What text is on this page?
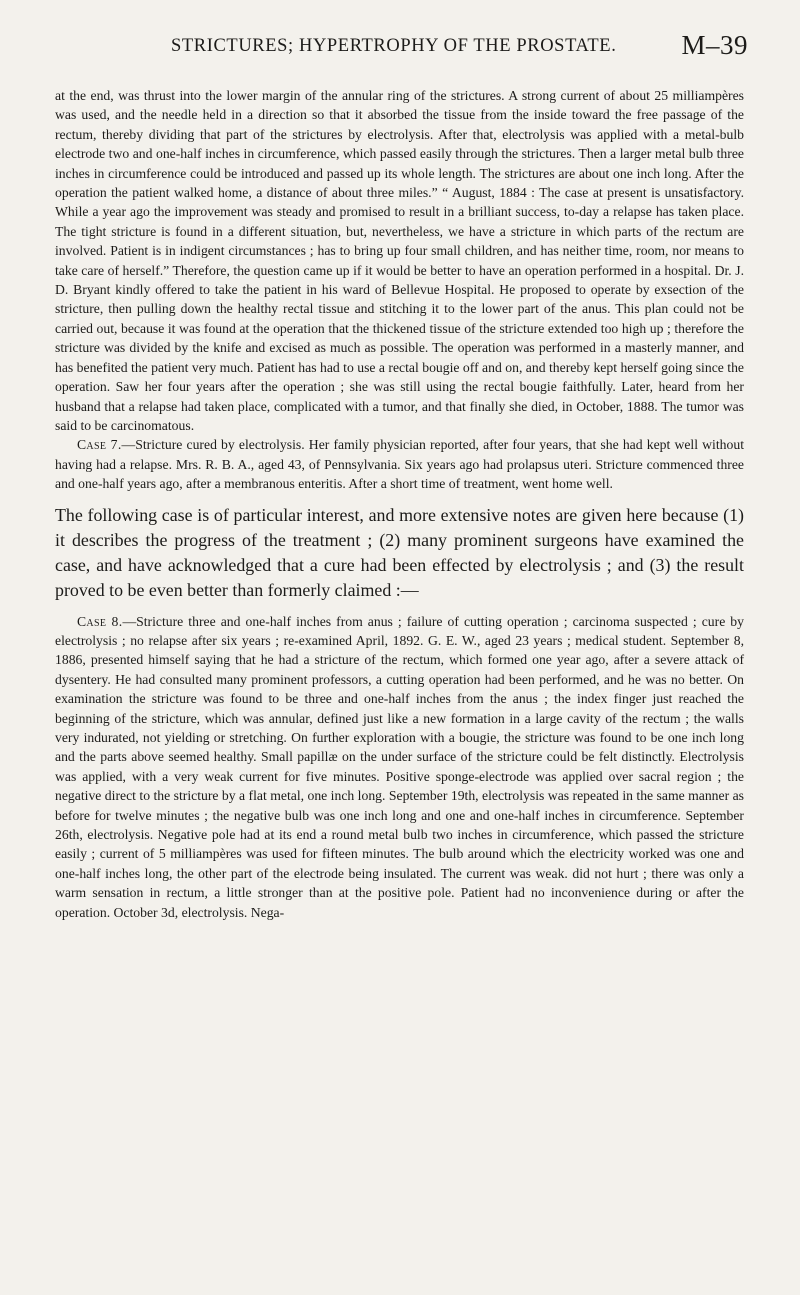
STRICTURES; HYPERTROPHY OF THE PROSTATE. M–39

at the end, was thrust into the lower margin of the annular ring of the strictures. A strong current of about 25 milliampères was used, and the needle held in a direction so that it absorbed the tissue from the inside toward the free passage of the rectum, thereby dividing that part of the strictures by electrolysis. After that, electrolysis was applied with a metal-bulb electrode two and one-half inches in circumference, which passed easily through the strictures. Then a larger metal bulb three inches in circumference could be introduced and passed up its whole length. The strictures are about one inch long. After the operation the patient walked home, a distance of about three miles.” “ August, 1884 : The case at present is unsatisfactory. While a year ago the improvement was steady and promised to result in a brilliant success, to-day a relapse has taken place. The tight stricture is found in a different situation, but, nevertheless, we have a stricture in which parts of the rectum are involved. Patient is in indigent circumstances ; has to bring up four small children, and has neither time, room, nor means to take care of herself.” Therefore, the question came up if it would be better to have an operation performed in a hospital. Dr. J. D. Bryant kindly offered to take the patient in his ward of Bellevue Hospital. He proposed to operate by exsection of the stricture, then pulling down the healthy rectal tissue and stitching it to the lower part of the anus. This plan could not be carried out, because it was found at the operation that the thickened tissue of the stricture extended too high up ; therefore the stricture was divided by the knife and excised as much as possible. The operation was performed in a masterly manner, and has benefited the patient very much. Patient has had to use a rectal bougie off and on, and thereby kept herself going since the operation. Saw her four years after the operation ; she was still using the rectal bougie faithfully. Later, heard from her husband that a relapse had taken place, complicated with a tumor, and that finally she died, in October, 1888. The tumor was said to be carcinomatous.

Case 7.—Stricture cured by electrolysis. Her family physician reported, after four years, that she had kept well without having had a relapse. Mrs. R. B. A., aged 43, of Pennsylvania. Six years ago had prolapsus uteri. Stricture commenced three and one-half years ago, after a membranous enteritis. After a short time of treatment, went home well.

The following case is of particular interest, and more extensive notes are given here because (1) it describes the progress of the treatment ; (2) many prominent surgeons have examined the case, and have acknowledged that a cure had been effected by electrolysis ; and (3) the result proved to be even better than formerly claimed :—

Case 8.—Stricture three and one-half inches from anus ; failure of cutting operation ; carcinoma suspected ; cure by electrolysis ; no relapse after six years ; re-examined April, 1892. G. E. W., aged 23 years ; medical student. September 8, 1886, presented himself saying that he had a stricture of the rectum, which formed one year ago, after a severe attack of dysentery. He had consulted many prominent professors, a cutting operation had been performed, and he was no better. On examination the stricture was found to be three and one-half inches from the anus ; the index finger just reached the beginning of the stricture, which was annular, defined just like a new formation in a large cavity of the rectum ; the walls very indurated, not yielding or stretching. On further exploration with a bougie, the stricture was found to be one inch long and the parts above seemed healthy. Small papillæ on the under surface of the stricture could be felt distinctly. Electrolysis was applied, with a very weak current for five minutes. Positive sponge-electrode was applied over sacral region ; the negative direct to the stricture by a flat metal, one inch long. September 19th, electrolysis was repeated in the same manner as before for twelve minutes ; the negative bulb was one inch long and one and one-half inches in circumference. September 26th, electrolysis. Negative pole had at its end a round metal bulb two inches in circumference, which passed the stricture easily ; current of 5 milliampères was used for fifteen minutes. The bulb around which the electricity worked was one and one-half inches long, the other part of the electrode being insulated. The current was weak. did not hurt ; there was only a warm sensation in rectum, a little stronger than at the positive pole. Patient had no inconvenience during or after the operation. October 3d, electrolysis. Nega-
